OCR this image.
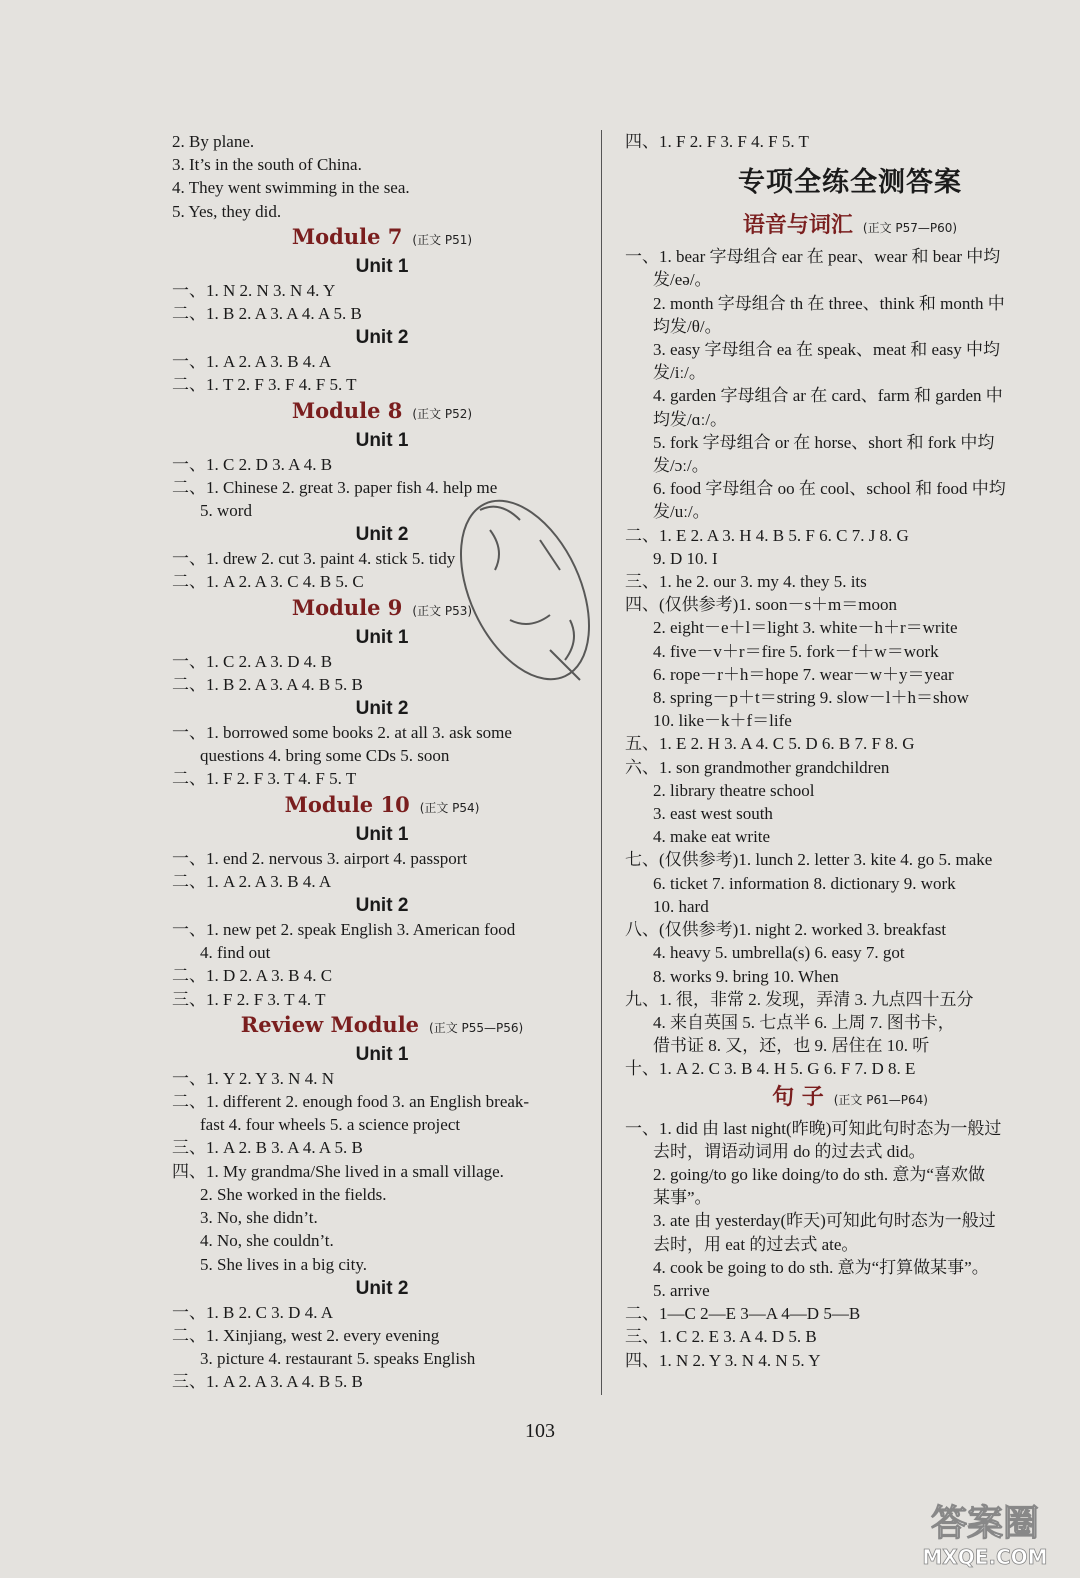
2. By plane.
3. It’s in the south of China.
4. They went swimming in the sea.
5. Yes, they did.
Module 7 (正文 P51)
Unit 1
一、1. N 2. N 3. N 4. Y
二、1. B 2. A 3. A 4. A 5. B
Unit 2
一、1. A 2. A 3. B 4. A
二、1. T 2. F 3. F 4. F 5. T
Module 8 (正文 P52)
Unit 1
一、1. C 2. D 3. A 4. B
二、1. Chinese 2. great 3. paper fish 4. help me
5. word
Unit 2
一、1. drew 2. cut 3. paint 4. stick 5. tidy
二、1. A 2. A 3. C 4. B 5. C
Module 9 (正文 P53)
Unit 1
一、1. C 2. A 3. D 4. B
二、1. B 2. A 3. A 4. B 5. B
Unit 2
一、1. borrowed some books 2. at all 3. ask some
questions 4. bring some CDs 5. soon
二、1. F 2. F 3. T 4. F 5. T
Module 10 (正文 P54)
Unit 1
一、1. end 2. nervous 3. airport 4. passport
二、1. A 2. A 3. B 4. A
Unit 2
一、1. new pet 2. speak English 3. American food
4. find out
二、1. D 2. A 3. B 4. C
三、1. F 2. F 3. T 4. T
Review Module (正文 P55—P56)
Unit 1
一、1. Y 2. Y 3. N 4. N
二、1. different 2. enough food 3. an English break-
fast 4. four wheels 5. a science project
三、1. A 2. B 3. A 4. A 5. B
四、1. My grandma/She lived in a small village.
2. She worked in the fields.
3. No, she didn’t.
4. No, she couldn’t.
5. She lives in a big city.
Unit 2
一、1. B 2. C 3. D 4. A
二、1. Xinjiang, west 2. every evening
3. picture 4. restaurant 5. speaks English
三、1. A 2. A 3. A 4. B 5. B
四、1. F 2. F 3. F 4. F 5. T
专项全练全测答案
语音与词汇 (正文 P57—P60)
一、1. bear 字母组合 ear 在 pear、wear 和 bear 中均
发/eə/。
2. month 字母组合 th 在 three、think 和 month 中
均发/θ/。
3. easy 字母组合 ea 在 speak、meat 和 easy 中均
发/iː/。
4. garden 字母组合 ar 在 card、farm 和 garden 中
均发/ɑː/。
5. fork 字母组合 or 在 horse、short 和 fork 中均
发/ɔː/。
6. food 字母组合 oo 在 cool、school 和 food 中均
发/uː/。
二、1. E 2. A 3. H 4. B 5. F 6. C 7. J 8. G
9. D 10. I
三、1. he 2. our 3. my 4. they 5. its
四、(仅供参考)1. soon－s＋m＝moon
2. eight－e＋l＝light 3. white－h＋r＝write
4. five－v＋r＝fire 5. fork－f＋w＝work
6. rope－r＋h＝hope 7. wear－w＋y＝year
8. spring－p＋t＝string 9. slow－l＋h＝show
10. like－k＋f＝life
五、1. E 2. H 3. A 4. C 5. D 6. B 7. F 8. G
六、1. son grandmother grandchildren
2. library theatre school
3. east west south
4. make eat write
七、(仅供参考)1. lunch 2. letter 3. kite 4. go 5. make
6. ticket 7. information 8. dictionary 9. work
10. hard
八、(仅供参考)1. night 2. worked 3. breakfast
4. heavy 5. umbrella(s) 6. easy 7. got
8. works 9. bring 10. When
九、1. 很，非常 2. 发现，弄清 3. 九点四十五分
4. 来自英国 5. 七点半 6. 上周 7. 图书卡，
借书证 8. 又，还，也 9. 居住在 10. 听
十、1. A 2. C 3. B 4. H 5. G 6. F 7. D 8. E
句 子 (正文 P61—P64)
一、1. did 由 last night(昨晚)可知此句时态为一般过
去时，谓语动词用 do 的过去式 did。
2. going/to go like doing/to do sth. 意为“喜欢做
某事”。
3. ate 由 yesterday(昨天)可知此句时态为一般过
去时，用 eat 的过去式 ate。
4. cook be going to do sth. 意为“打算做某事”。
5. arrive
二、1—C 2—E 3—A 4—D 5—B
三、1. C 2. E 3. A 4. D 5. B
四、1. N 2. Y 3. N 4. N 5. Y
103
答案圈
MXQE.COM
